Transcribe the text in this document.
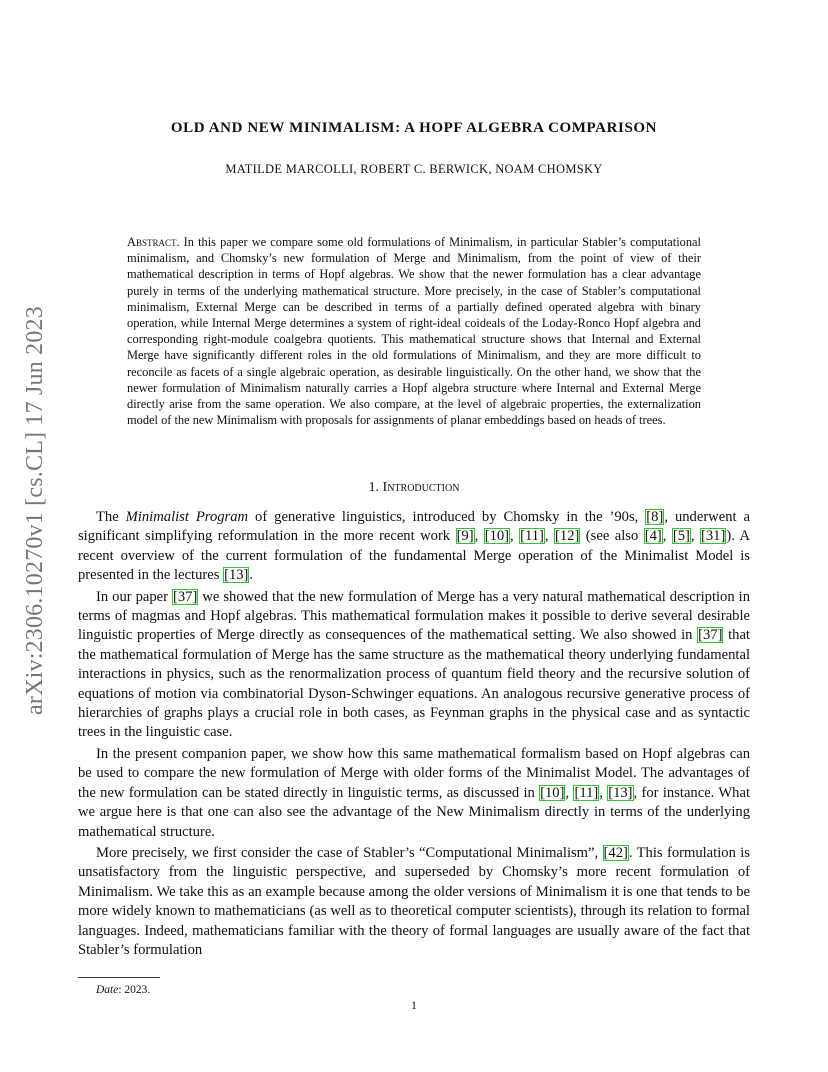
arXiv:2306.10270v1 [cs.CL] 17 Jun 2023
OLD AND NEW MINIMALISM: A HOPF ALGEBRA COMPARISON
MATILDE MARCOLLI, ROBERT C. BERWICK, NOAM CHOMSKY
Abstract. In this paper we compare some old formulations of Minimalism, in particular Stabler’s computational minimalism, and Chomsky’s new formulation of Merge and Minimalism, from the point of view of their mathematical description in terms of Hopf algebras. We show that the newer formulation has a clear advantage purely in terms of the underlying mathematical structure. More precisely, in the case of Stabler’s computational minimalism, External Merge can be described in terms of a partially defined operated algebra with binary operation, while Internal Merge determines a system of right-ideal coideals of the Loday-Ronco Hopf algebra and corresponding right-module coalgebra quotients. This mathematical structure shows that Internal and External Merge have significantly different roles in the old formulations of Minimalism, and they are more difficult to reconcile as facets of a single algebraic operation, as desirable linguistically. On the other hand, we show that the newer formulation of Minimalism naturally carries a Hopf algebra structure where Internal and External Merge directly arise from the same operation. We also compare, at the level of algebraic properties, the externalization model of the new Minimalism with proposals for assignments of planar embeddings based on heads of trees.
1. Introduction

The Minimalist Program of generative linguistics, introduced by Chomsky in the ’90s, [8], underwent a significant simplifying reformulation in the more recent work [9], [10], [11], [12] (see also [4], [5], [31]). A recent overview of the current formulation of the fundamental Merge operation of the Minimalist Model is presented in the lectures [13].

In our paper [37] we showed that the new formulation of Merge has a very natural mathematical description in terms of magmas and Hopf algebras. This mathematical formulation makes it possible to derive several desirable linguistic properties of Merge directly as consequences of the mathematical setting. We also showed in [37] that the mathematical formulation of Merge has the same structure as the mathematical theory underlying fundamental interactions in physics, such as the renormalization process of quantum field theory and the recursive solution of equations of motion via combinatorial Dyson-Schwinger equations. An analogous recursive generative process of hierarchies of graphs plays a crucial role in both cases, as Feynman graphs in the physical case and as syntactic trees in the linguistic case.

In the present companion paper, we show how this same mathematical formalism based on Hopf algebras can be used to compare the new formulation of Merge with older forms of the Minimalist Model. The advantages of the new formulation can be stated directly in linguistic terms, as discussed in [10], [11], [13], for instance. What we argue here is that one can also see the advantage of the New Minimalism directly in terms of the underlying mathematical structure.

More precisely, we first consider the case of Stabler’s “Computational Minimalism”, [42]. This formulation is unsatisfactory from the linguistic perspective, and superseded by Chomsky’s more recent formulation of Minimalism. We take this as an example because among the older versions of Minimalism it is one that tends to be more widely known to mathematicians (as well as to theoretical computer scientists), through its relation to formal languages. Indeed, mathematicians familiar with the theory of formal languages are usually aware of the fact that Stabler’s formulation

Date: 2023.
1
